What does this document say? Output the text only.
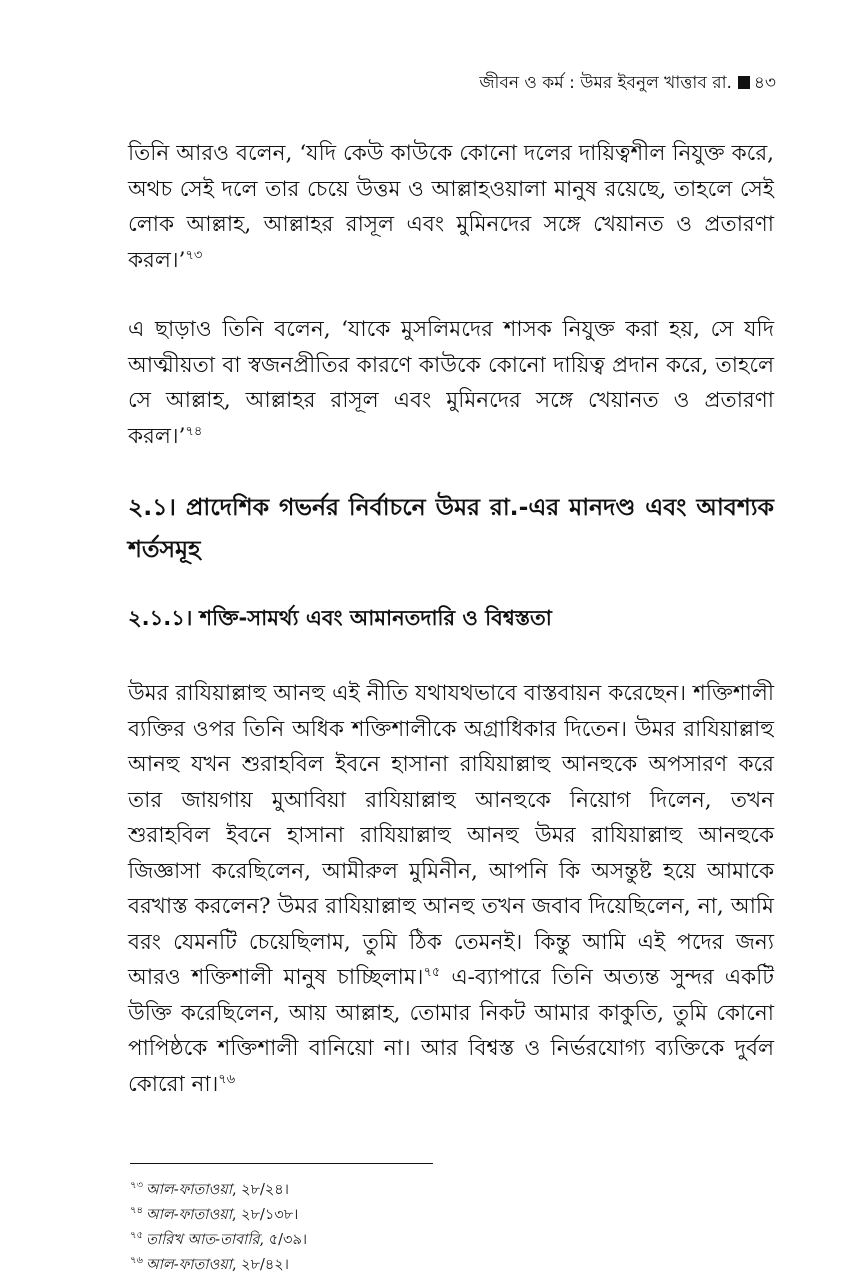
জীবন ও কর্ম : উমর ইবনুল খাত্তাব রা. ৪৩

তিনি আরও বলেন, ‘যদি কেউ কাউকে কোনো দলের দায়িত্বশীল নিযুক্ত করে, অথচ সেই দলে তার চেয়ে উত্তম ও আল্লাহওয়ালা মানুষ রয়েছে, তাহলে সেই লোক আল্লাহ, আল্লাহর রাসূল এবং মুমিনদের সঙ্গে খেয়ানত ও প্রতারণা করল।’$^{৭৩}$

এ ছাড়াও তিনি বলেন, ‘যাকে মুসলিমদের শাসক নিযুক্ত করা হয়, সে যদি আত্মীয়তা বা স্বজনপ্রীতির কারণে কাউকে কোনো দায়িত্ব প্রদান করে, তাহলে সে আল্লাহ, আল্লাহর রাসূল এবং মুমিনদের সঙ্গে খেয়ানত ও প্রতারণা করল।’$^{৭৪}$

২.১। প্রাদেশিক গভর্নর নির্বাচনে উমর রা.-এর মানদণ্ড এবং আবশ্যক শর্তসমূহ
২.১.১। শক্তি-সামর্থ্য এবং আমানতদারি ও বিশ্বস্ততা

উমর রাযিয়াল্লাহু আনহু এই নীতি যথাযথভাবে বাস্তবায়ন করেছেন। শক্তিশালী ব্যক্তির ওপর তিনি অধিক শক্তিশালীকে অগ্রাধিকার দিতেন। উমর রাযিয়াল্লাহু আনহু যখন শুরাহবিল ইবনে হাসানা রাযিয়াল্লাহু আনহুকে অপসারণ করে তার জায়গায় মুআবিয়া রাযিয়াল্লাহু আনহুকে নিয়োগ দিলেন, তখন শুরাহবিল ইবনে হাসানা রাযিয়াল্লাহু আনহু উমর রাযিয়াল্লাহু আনহুকে জিজ্ঞাসা করেছিলেন, আমীরুল মুমিনীন, আপনি কি অসন্তুষ্ট হয়ে আমাকে বরখাস্ত করলেন? উমর রাযিয়াল্লাহু আনহু তখন জবাব দিয়েছিলেন, না, আমি বরং যেমনটি চেয়েছিলাম, তুমি ঠিক তেমনই। কিন্তু আমি এই পদের জন্য আরও শক্তিশালী মানুষ চাচ্ছিলাম।$^{৭৫}$ এ-ব্যাপারে তিনি অত্যন্ত সুন্দর একটি উক্তি করেছিলেন, আয় আল্লাহ, তোমার নিকট আমার কাকুতি, তুমি কোনো পাপিষ্ঠকে শক্তিশালী বানিয়ো না। আর বিশ্বস্ত ও নির্ভরযোগ্য ব্যক্তিকে দুর্বল কোরো না।$^{৭৬}$

$^{৭৩}$ আল-ফাতাওয়া, ২৮/২৪।
$^{৭৪}$ আল-ফাতাওয়া, ২৮/১৩৮।
$^{৭৫}$ তারিখ আত-তাবারি, ৫/৩৯।
$^{৭৬}$ আল-ফাতাওয়া, ২৮/৪২।
